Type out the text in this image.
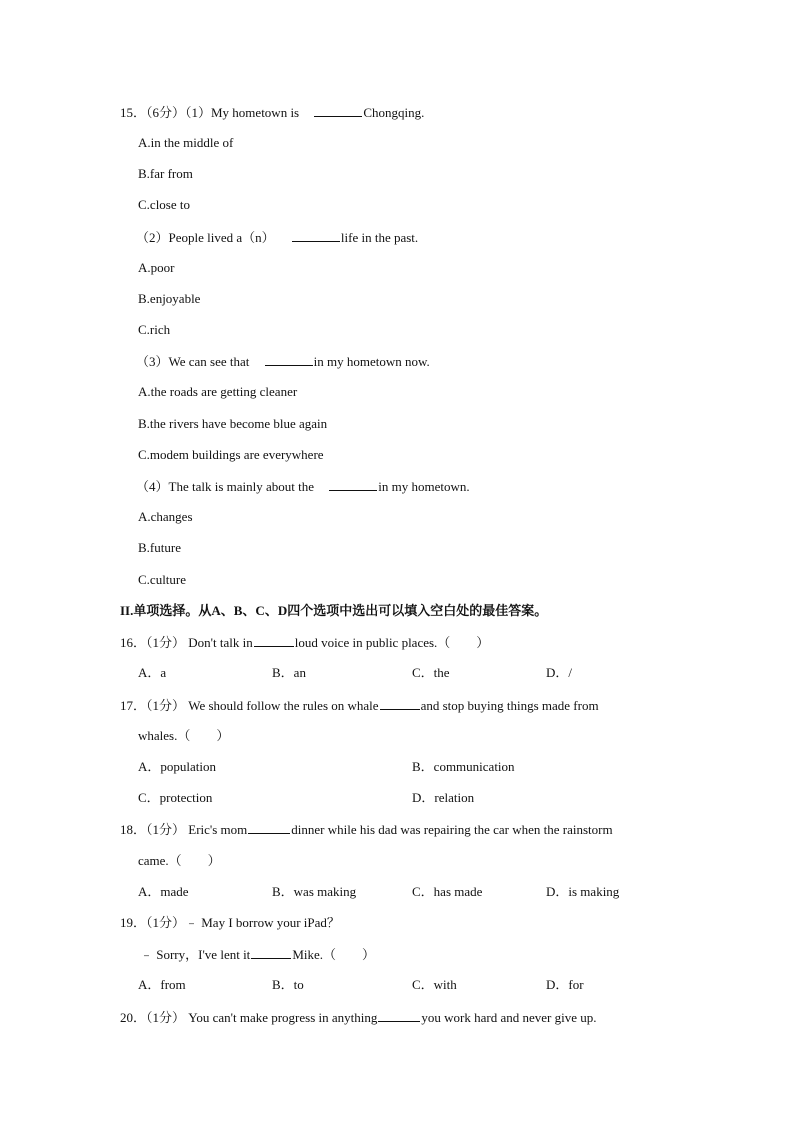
15．（6分）（1）My hometown is	Chongqing.
A.in the middle of
B.far from
C.close to
（2）People lived a（n）	life in the past.
A.poor
B.enjoyable
C.rich
（3）We can see that	in my hometown now.
A.the roads are getting cleaner
B.the rivers have become blue again
C.modem buildings are everywhere
（4）The talk is mainly about the	in my hometown.
A.changes
B.future
C.culture
II.单项选择。从A、B、C、D四个选项中选出可以填入空白处的最佳答案。
16．（1分） Don't talk in	loud voice in public places.（　　）
A．a	B．an	C．the	D．/
17．（1分） We should follow the rules on whale	and stop buying things made from
whales.（　　）
A．population	B．communication
C．protection	D．relation
18．（1分） Eric's mom	dinner while his dad was repairing the car when the rainstorm
came.（　　）
A．made	B．was making	C．has made	D．is making
19．（1分）﹣ May I borrow your iPad？
﹣ Sorry，I've lent it	Mike.（　　）
A．from	B．to	C．with	D．for
20．（1分） You can't make progress in anything	you work hard and never give up.
